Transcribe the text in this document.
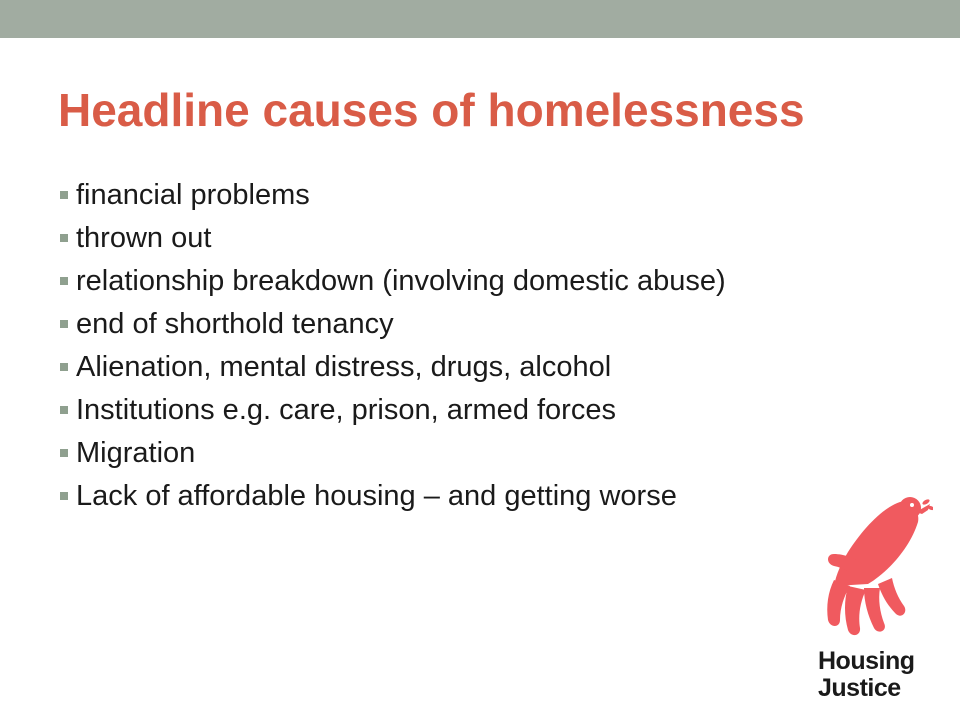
Headline causes of homelessness
financial problems
thrown out
relationship breakdown (involving domestic abuse)
end of shorthold tenancy
Alienation, mental distress, drugs, alcohol
Institutions e.g. care, prison, armed forces
Migration
Lack of affordable housing – and getting worse
Housing
Justice
